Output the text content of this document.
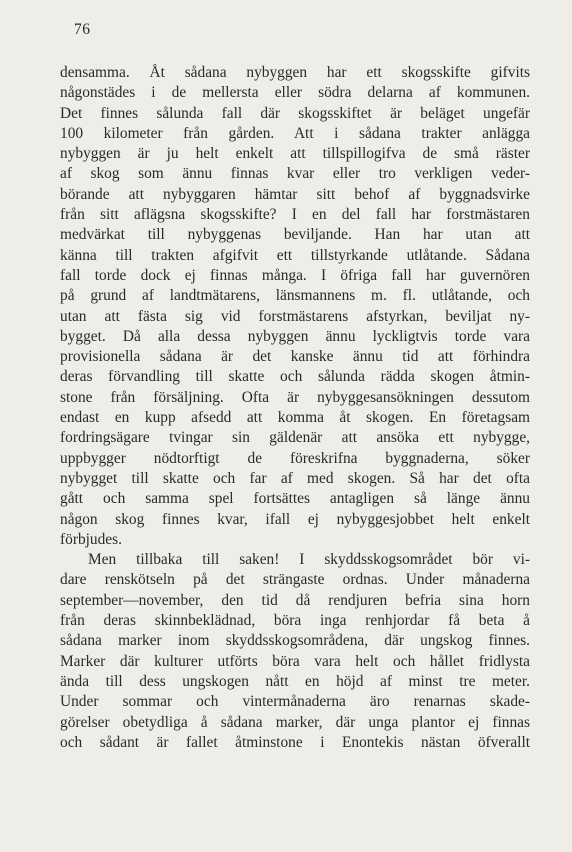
76
densamma. Åt sådana nybyggen har ett skogsskifte gifvits
någonstädes i de mellersta eller södra delarna af kommunen.
Det finnes sålunda fall där skogsskiftet är beläget ungefär
100 kilometer från gården. Att i sådana trakter anlägga
nybyggen är ju helt enkelt att tillspillogifva de små räster
af skog som ännu finnas kvar eller tro verkligen veder-
börande att nybyggaren hämtar sitt behof af byggnadsvirke
från sitt aflägsna skogsskifte? I en del fall har forstmästaren
medvärkat till nybyggenas beviljande. Han har utan att
känna till trakten afgifvit ett tillstyrkande utlåtande. Sådana
fall torde dock ej finnas många. I öfriga fall har guvernören
på grund af landtmätarens, länsmannens m. fl. utlåtande, och
utan att fästa sig vid forstmästarens afstyrkan, beviljat ny-
bygget. Då alla dessa nybyggen ännu lyckligtvis torde vara
provisionella sådana är det kanske ännu tid att förhindra
deras förvandling till skatte och sålunda rädda skogen åtmin-
stone från försäljning. Ofta är nybyggesansökningen dessutom
endast en kupp afsedd att komma åt skogen. En företagsam
fordringsägare tvingar sin gäldenär att ansöka ett nybygge,
uppbygger nödtorftigt de föreskrifna byggnaderna, söker
nybygget till skatte och far af med skogen. Så har det ofta
gått och samma spel fortsättes antagligen så länge ännu
någon skog finnes kvar, ifall ej nybyggesjobbet helt enkelt
förbjudes.
Men tillbaka till saken! I skyddsskogsområdet bör vi-
dare renskötseln på det strängaste ordnas. Under månaderna
september—november, den tid då rendjuren befria sina horn
från deras skinnbeklädnad, böra inga renhjordar få beta å
sådana marker inom skyddsskogsområdena, där ungskog finnes.
Marker där kulturer utförts böra vara helt och hållet fridlysta
ända till dess ungskogen nått en höjd af minst tre meter.
Under sommar och vintermånaderna äro renarnas skade-
görelser obetydliga å sådana marker, där unga plantor ej finnas
och sådant är fallet åtminstone i Enontekis nästan öfverallt
